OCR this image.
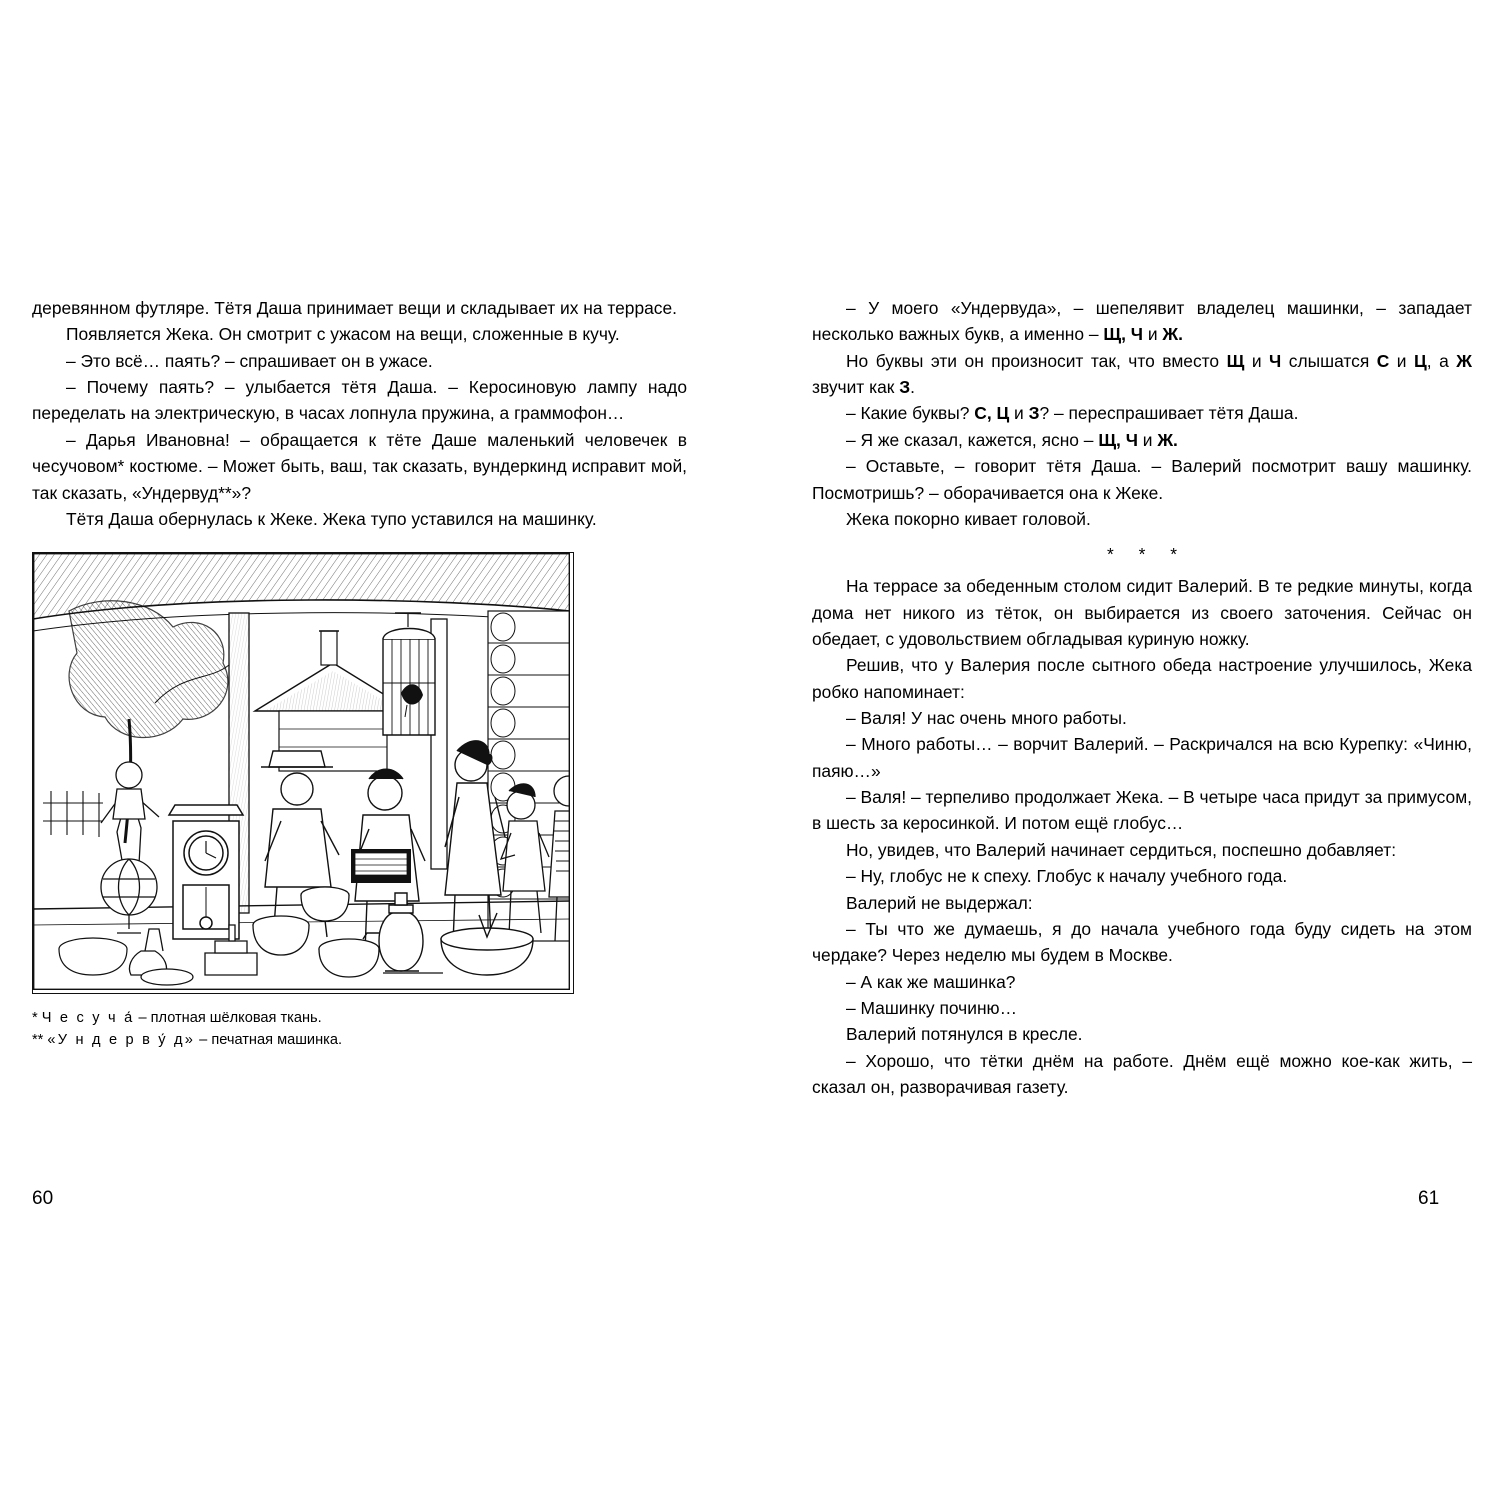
деревянном футляре. Тётя Даша принимает вещи и складывает их на террасе.

Появляется Жека. Он смотрит с ужасом на вещи, сложенные в кучу.

– Это всё… паять? – спрашивает он в ужасе.

– Почему паять? – улыбается тётя Даша. – Керосиновую лампу надо переделать на электрическую, в часах лопнула пружина, а граммофон…

– Дарья Ивановна! – обращается к тёте Даше маленький человечек в чесучовом* костюме. – Может быть, ваш, так сказать, вундеркинд исправит мой, так сказать, «Ундервуд**»?

Тётя Даша обернулась к Жеке. Жека тупо уставился на машинку.

* Ч е с у ч а́ – плотная шёлковая ткань.
** «У н д е р в у́ д» – печатная машинка.

– У моего «Ундервуда», – шепелявит владелец машинки, – западает несколько важных букв, а именно – Щ, Ч и Ж.

Но буквы эти он произносит так, что вместо Щ и Ч слышатся С и Ц, а Ж звучит как З.

– Какие буквы? С, Ц и З? – переспрашивает тётя Даша.

– Я же сказал, кажется, ясно – Щ, Ч и Ж.

– Оставьте, – говорит тётя Даша. – Валерий посмотрит вашу машинку. Посмотришь? – оборачивается она к Жеке.

Жека покорно кивает головой.

* * *

На террасе за обеденным столом сидит Валерий. В те редкие минуты, когда дома нет никого из тёток, он выбирается из своего заточения. Сейчас он обедает, с удовольствием обгладывая куриную ножку.

Решив, что у Валерия после сытного обеда настроение улучшилось, Жека робко напоминает:

– Валя! У нас очень много работы.

– Много работы… – ворчит Валерий. – Раскричался на всю Курепку: «Чиню, паяю…»

– Валя! – терпеливо продолжает Жека. – В четыре часа придут за примусом, в шесть за керосинкой. И потом ещё глобус…

Но, увидев, что Валерий начинает сердиться, поспешно добавляет:

– Ну, глобус не к спеху. Глобус к началу учебного года.

Валерий не выдержал:

– Ты что же думаешь, я до начала учебного года буду сидеть на этом чердаке? Через неделю мы будем в Москве.

– А как же машинка?

– Машинку починю…

Валерий потянулся в кресле.

– Хорошо, что тётки днём на работе. Днём ещё можно кое-как жить, – сказал он, разворачивая газету.

60	61
